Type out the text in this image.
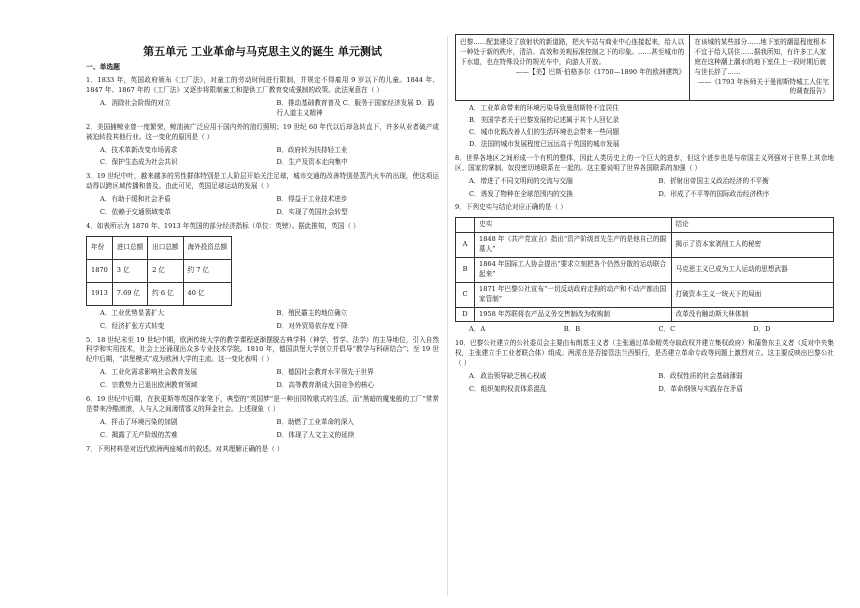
第五单元 工业革命与马克思主义的诞生 单元测试
一、单选题
1．1833 年，英国政府颁布《工厂法》，对童工的劳动时间进行限制，并规定不得雇用 9 岁以下的儿童。1844 年、1847 年、1867 年的《工厂法》又逐步将限制童工和提供工厂教育变成强制的政策。此法案意在（ ）
A．消除社会阶级的对立	B．推动基础教育普及 C．服务于国家经济发展 D．践行人道主义精神
2．美国捕鲸业曾一度繁荣，鲸油被广泛应用于国内外的油灯照明；19 世纪 60 年代以后却急转直下，许多从业者破产或被迫转投其他行业。这一变化的原因是（ ）
A．技术革新改变市场需求	B．政府转为扶持轻工业
C．保护生态成为社会共识	D．生产及资本走向集中
3．19 世纪中叶，越来越多的男性群体特别是工人阶层开始关注足球，城市交通的改善特别是蒸汽火车的出现，使这项运动得以跨区域传播和普及。由此可见，英国足球运动的发展（ ）
A．有助于缓和社会矛盾	B．得益于工业技术进步
C．依赖于交通领域变革	D．实现了英国社会转型
4．如表所示为 1870 年、1913 年英国的部分经济指标（单位：英镑）。据此推知，英国（ ）
年份	进口总额	出口总额	海外投资总额
1870	3 亿	2 亿	约 7 亿
1913	7.69 亿	约 6 亿	40 亿
A．工业优势显著扩大	B．殖民霸主的地位确立
C．经济扩张方式转变	D．对外贸易依存度下降
5．18 世纪末至 19 世纪中期，欧洲传统大学的教学课程逐渐摆脱古典学科（神学、哲学、法学）的主导地位，引入自然科学和实用技术，社会上还涌现出众多专业技术学院。1810 年，德国洪堡大学创立并倡导“教学与科研结合”；至 19 世纪中后期，“洪堡模式”成为欧洲大学的主流。这一变化表明（ ）
A．工业化需求影响社会教育发展	B．德国社会教育水平领先于世界
C．宗教势力已退出欧洲教育领域	D．高等教育渐成大国竞争的核心
6．19 世纪中后期，在狄更斯等英国作家笔下，典型的“英国梦”是一种田园牧歌式的生活，而“黑暗的魔鬼般的工厂”常常是带来冷酷滚滚，人与人之间薄情寡义的拜金社会。上述现象（ ）
A．抨击了环境污染的加剧	B．助燃了工业革命的深入
C．揭露了无产阶级的苦难	D．体现了人文主义的延续
7．下列材料是对近代欧洲两座城市的叙述。对其理解正确的是（ ）
巴黎……配套建设了放射状的新道路，把火车站与商业中心连接起来，给人以一种处于新的秩序，清洁、高效和美观标准控制之下的印象。……甚至城市的下水道，也在特殊设计的规光车中，向游人开放。
——【美】巴斯·伯格多尔《1750—1890 年的欧洲建筑》

在该城的某些部分……地下室的潮湿程度根本不宜于给人居住……据我所知，有许多工人家庭在这种潮上潮水的地下室住上一段时期后就与世长辞了……
——《1793 年医师关于曼彻斯特城工人住宅的调查报告》
A．工业革命带来的环境污染导致曼彻斯特不宜居住
B．美国学者关于巴黎发展的记述属于其个人回忆录
C．城市化既改善人们的生活环境也会带来一些问题
D．法国的城市发展程度已远远高于英国的城市发展
8．世界各地区之间形成一个有机的整体，因此人类历史上的一个巨大的进步，但这个进步也是与帝国主义列强对于世界上其余地区、国家的掌制、奴役密切地联系在一起的。这主要说明了世界各国联系的加强（ ）
A．增进了不同文明间的交流与交融	B．折射出帝国主义政治经济的不平衡
C．诱发了物种在全球范围内的交换	D．形成了不平等的国际政治经济秩序
9．下列史实与结论对应正确的是（ ）
	史实	结论
A	1848 年《共产党宣言》指出“资产阶级首先生产的是他自己的掘墓人”	揭示了资本家剥削工人的秘密
B	1864 年国际工人协会提出“要求立刻把各个仍然分散的运动联合起来”	马克思主义已成为工人运动的思想武器
C	1871 年巴黎公社宣布“一切反动政府走狗的动产和不动产都由国家管制”	打破资本主义一统天下的局面
D	1958 年苏联将农产品义务交售制改为收购制	改革没有触动斯大林体制
A．A	B．B	C．C	D．D
10．巴黎公社建立的公社委员会主要由布朗基主义者（主张通过革命精英夺取政权并建立集权政府）和蒲鲁东主义者（反对中央集权，主张建立手工业者联合体）组成。两派在是否接管法兰西银行，是否建立革命专政等问题上激烈对立。这主要反映出巴黎公社（ ）
A．政治领导缺乏核心权威	B．政权性质的社会基础薄弱
C．组织架构权责体系混乱	D．革命纲领与实践存在矛盾
